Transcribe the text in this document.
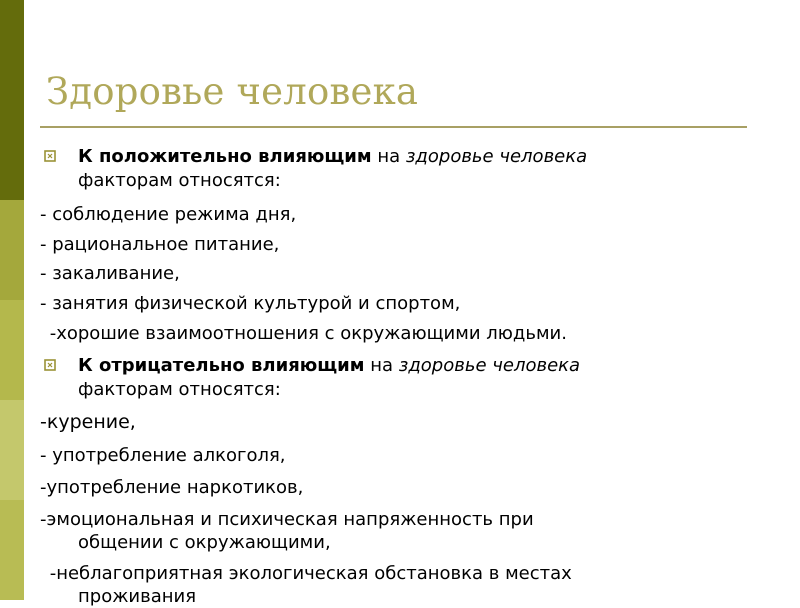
Здоровье человека
К положительно влияющим на здоровье человека
факторам относятся:
- соблюдение режима дня,
- рациональное питание,
- закаливание,
- занятия физической культурой и спортом,
-хорошие взаимоотношения с окружающими людьми.
К отрицательно влияющим на здоровье человека
факторам относятся:
-курение,
- употребление алкоголя,
-употребление наркотиков,
-эмоциональная и психическая напряженность при
общении с окружающими,
-неблагоприятная экологическая обстановка в местах
проживания
